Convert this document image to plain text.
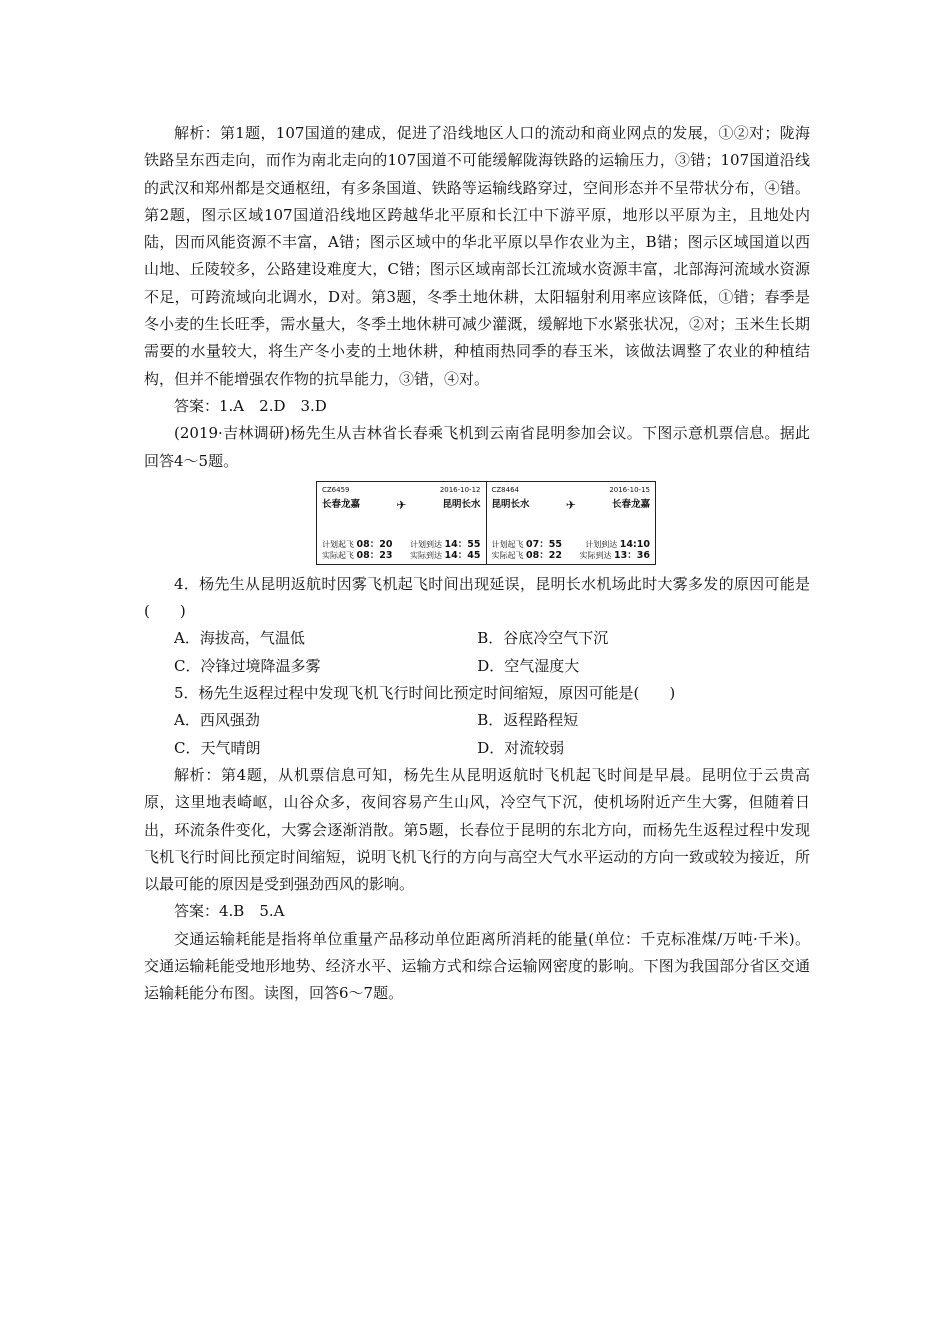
解析：第1题，107国道的建成，促进了沿线地区人口的流动和商业网点的发展，①②对；陇海铁路呈东西走向，而作为南北走向的107国道不可能缓解陇海铁路的运输压力，③错；107国道沿线的武汉和郑州都是交通枢纽，有多条国道、铁路等运输线路穿过，空间形态并不呈带状分布，④错。第2题，图示区域107国道沿线地区跨越华北平原和长江中下游平原，地形以平原为主，且地处内陆，因而风能资源不丰富，A错；图示区域中的华北平原以旱作农业为主，B错；图示区域国道以西山地、丘陵较多，公路建设难度大，C错；图示区域南部长江流域水资源丰富，北部海河流域水资源不足，可跨流域向北调水，D对。第3题，冬季土地休耕，太阳辐射利用率应该降低，①错；春季是冬小麦的生长旺季，需水量大，冬季土地休耕可减少灌溉，缓解地下水紧张状况，②对；玉米生长期需要的水量较大，将生产冬小麦的土地休耕，种植雨热同季的春玉米，该做法调整了农业的种植结构，但并不能增强农作物的抗旱能力，③错，④对。

答案：1.A　2.D　3.D

(2019·吉林调研)杨先生从吉林省长春乘飞机到云南省昆明参加会议。下图示意机票信息。据此回答4～5题。

CZ6459	2016-10-12
长春龙嘉	✈	昆明长水
计划起飞 08：20 计划到达 14：55
实际起飞 08：23 实际到达 14：45
CZ8464	2016-10-15
昆明长水	✈	长春龙嘉
计划起飞 07：55	计划到达 14:10
实际起飞 08：22 实际到达 13：36

4．杨先生从昆明返航时因雾飞机起飞时间出现延误，昆明长水机场此时大雾多发的原因可能是(　　)

A．海拔高，气温低	B．谷底冷空气下沉
C．冷锋过境降温多雾	D．空气湿度大

5．杨先生返程过程中发现飞机飞行时间比预定时间缩短，原因可能是(　　)

A．西风强劲	B．返程路程短
C．天气晴朗	D．对流较弱

解析：第4题，从机票信息可知，杨先生从昆明返航时飞机起飞时间是早晨。昆明位于云贵高原，这里地表崎岖，山谷众多，夜间容易产生山风，冷空气下沉，使机场附近产生大雾，但随着日出，环流条件变化，大雾会逐渐消散。第5题，长春位于昆明的东北方向，而杨先生返程过程中发现飞机飞行时间比预定时间缩短，说明飞机飞行的方向与高空大气水平运动的方向一致或较为接近，所以最可能的原因是受到强劲西风的影响。

答案：4.B　5.A

交通运输耗能是指将单位重量产品移动单位距离所消耗的能量(单位：千克标准煤/万吨·千米)。交通运输耗能受地形地势、经济水平、运输方式和综合运输网密度的影响。下图为我国部分省区交通运输耗能分布图。读图，回答6～7题。
